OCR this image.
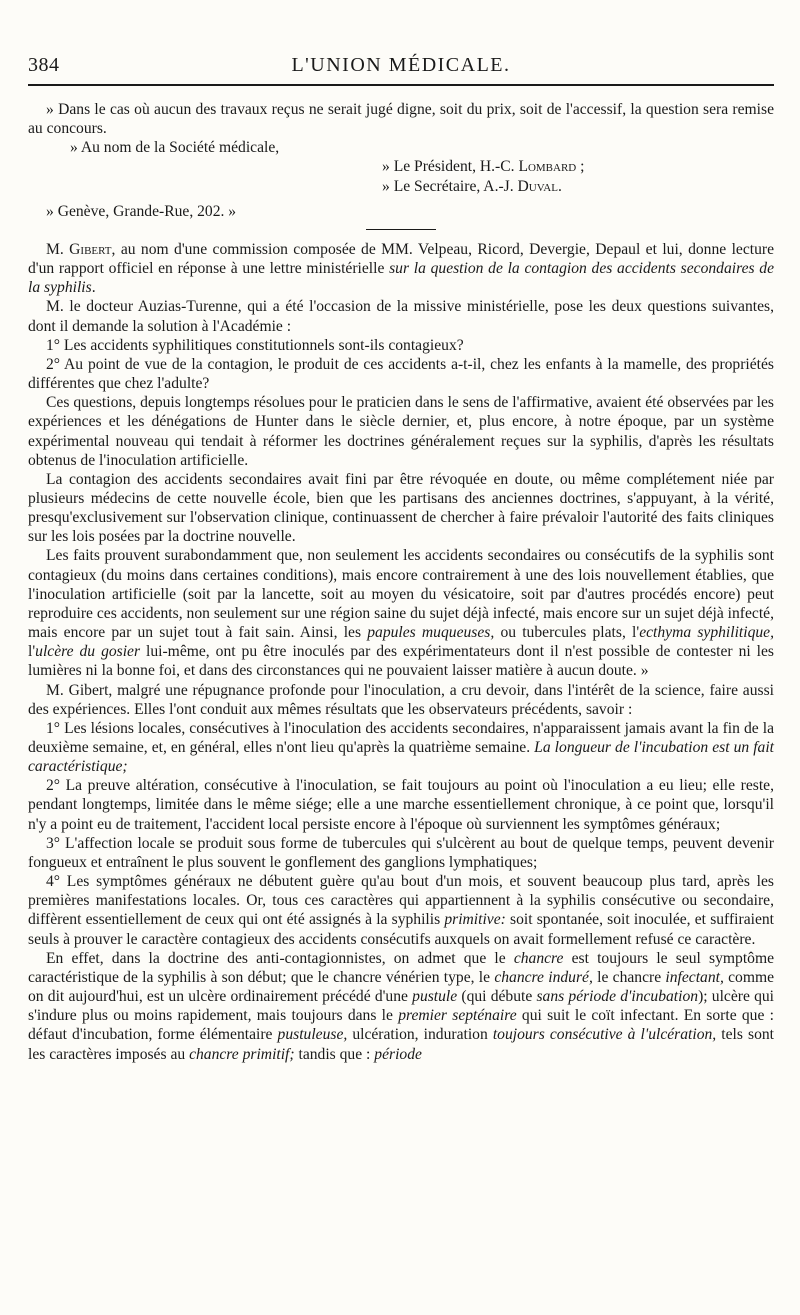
384	L'UNION MÉDICALE.

» Dans le cas où aucun des travaux reçus ne serait jugé digne, soit du prix, soit de l'accessif, la question sera remise au concours.

» Au nom de la Société médicale,

» Le Président, H.-C. Lombard ;

» Le Secrétaire, A.-J. Duval.

» Genève, Grande-Rue, 202. »

M. Gibert, au nom d'une commission composée de MM. Velpeau, Ricord, Devergie, Depaul et lui, donne lecture d'un rapport officiel en réponse à une lettre ministérielle sur la question de la contagion des accidents secondaires de la syphilis.

M. le docteur Auzias-Turenne, qui a été l'occasion de la missive ministérielle, pose les deux questions suivantes, dont il demande la solution à l'Académie :

1° Les accidents syphilitiques constitutionnels sont-ils contagieux?

2° Au point de vue de la contagion, le produit de ces accidents a-t-il, chez les enfants à la mamelle, des propriétés différentes que chez l'adulte?

Ces questions, depuis longtemps résolues pour le praticien dans le sens de l'affirmative, avaient été observées par les expériences et les dénégations de Hunter dans le siècle dernier, et, plus encore, à notre époque, par un système expérimental nouveau qui tendait à réformer les doctrines généralement reçues sur la syphilis, d'après les résultats obtenus de l'inoculation artificielle.

La contagion des accidents secondaires avait fini par être révoquée en doute, ou même complétement niée par plusieurs médecins de cette nouvelle école, bien que les partisans des anciennes doctrines, s'appuyant, à la vérité, presqu'exclusivement sur l'observation clinique, continuassent de chercher à faire prévaloir l'autorité des faits cliniques sur les lois posées par la doctrine nouvelle.

Les faits prouvent surabondamment que, non seulement les accidents secondaires ou consécutifs de la syphilis sont contagieux (du moins dans certaines conditions), mais encore contrairement à une des lois nouvellement établies, que l'inoculation artificielle (soit par la lancette, soit au moyen du vésicatoire, soit par d'autres procédés encore) peut reproduire ces accidents, non seulement sur une région saine du sujet déjà infecté, mais encore sur un sujet déjà infecté, mais encore par un sujet tout à fait sain. Ainsi, les papules muqueuses, ou tubercules plats, l'ecthyma syphilitique, l'ulcère du gosier lui-même, ont pu être inoculés par des expérimentateurs dont il n'est possible de contester ni les lumières ni la bonne foi, et dans des circonstances qui ne pouvaient laisser matière à aucun doute. »

M. Gibert, malgré une répugnance profonde pour l'inoculation, a cru devoir, dans l'intérêt de la science, faire aussi des expériences. Elles l'ont conduit aux mêmes résultats que les observateurs précédents, savoir :

1° Les lésions locales, consécutives à l'inoculation des accidents secondaires, n'apparaissent jamais avant la fin de la deuxième semaine, et, en général, elles n'ont lieu qu'après la quatrième semaine. La longueur de l'incubation est un fait caractéristique;

2° La preuve altération, consécutive à l'inoculation, se fait toujours au point où l'inoculation a eu lieu; elle reste, pendant longtemps, limitée dans le même siége; elle a une marche essentiellement chronique, à ce point que, lorsqu'il n'y a point eu de traitement, l'accident local persiste encore à l'époque où surviennent les symptômes généraux;

3° L'affection locale se produit sous forme de tubercules qui s'ulcèrent au bout de quelque temps, peuvent devenir fongueux et entraînent le plus souvent le gonflement des ganglions lymphatiques;

4° Les symptômes généraux ne débutent guère qu'au bout d'un mois, et souvent beaucoup plus tard, après les premières manifestations locales. Or, tous ces caractères qui appartiennent à la syphilis consécutive ou secondaire, diffèrent essentiellement de ceux qui ont été assignés à la syphilis primitive: soit spontanée, soit inoculée, et suffiraient seuls à prouver le caractère contagieux des accidents consécutifs auxquels on avait formellement refusé ce caractère.

En effet, dans la doctrine des anti-contagionnistes, on admet que le chancre est toujours le seul symptôme caractéristique de la syphilis à son début; que le chancre vénérien type, le chancre induré, le chancre infectant, comme on dit aujourd'hui, est un ulcère ordinairement précédé d'une pustule (qui débute sans période d'incubation); ulcère qui s'indure plus ou moins rapidement, mais toujours dans le premier septénaire qui suit le coït infectant. En sorte que : défaut d'incubation, forme élémentaire pustuleuse, ulcération, induration toujours consécutive à l'ulcération, tels sont les caractères imposés au chancre primitif; tandis que : période
